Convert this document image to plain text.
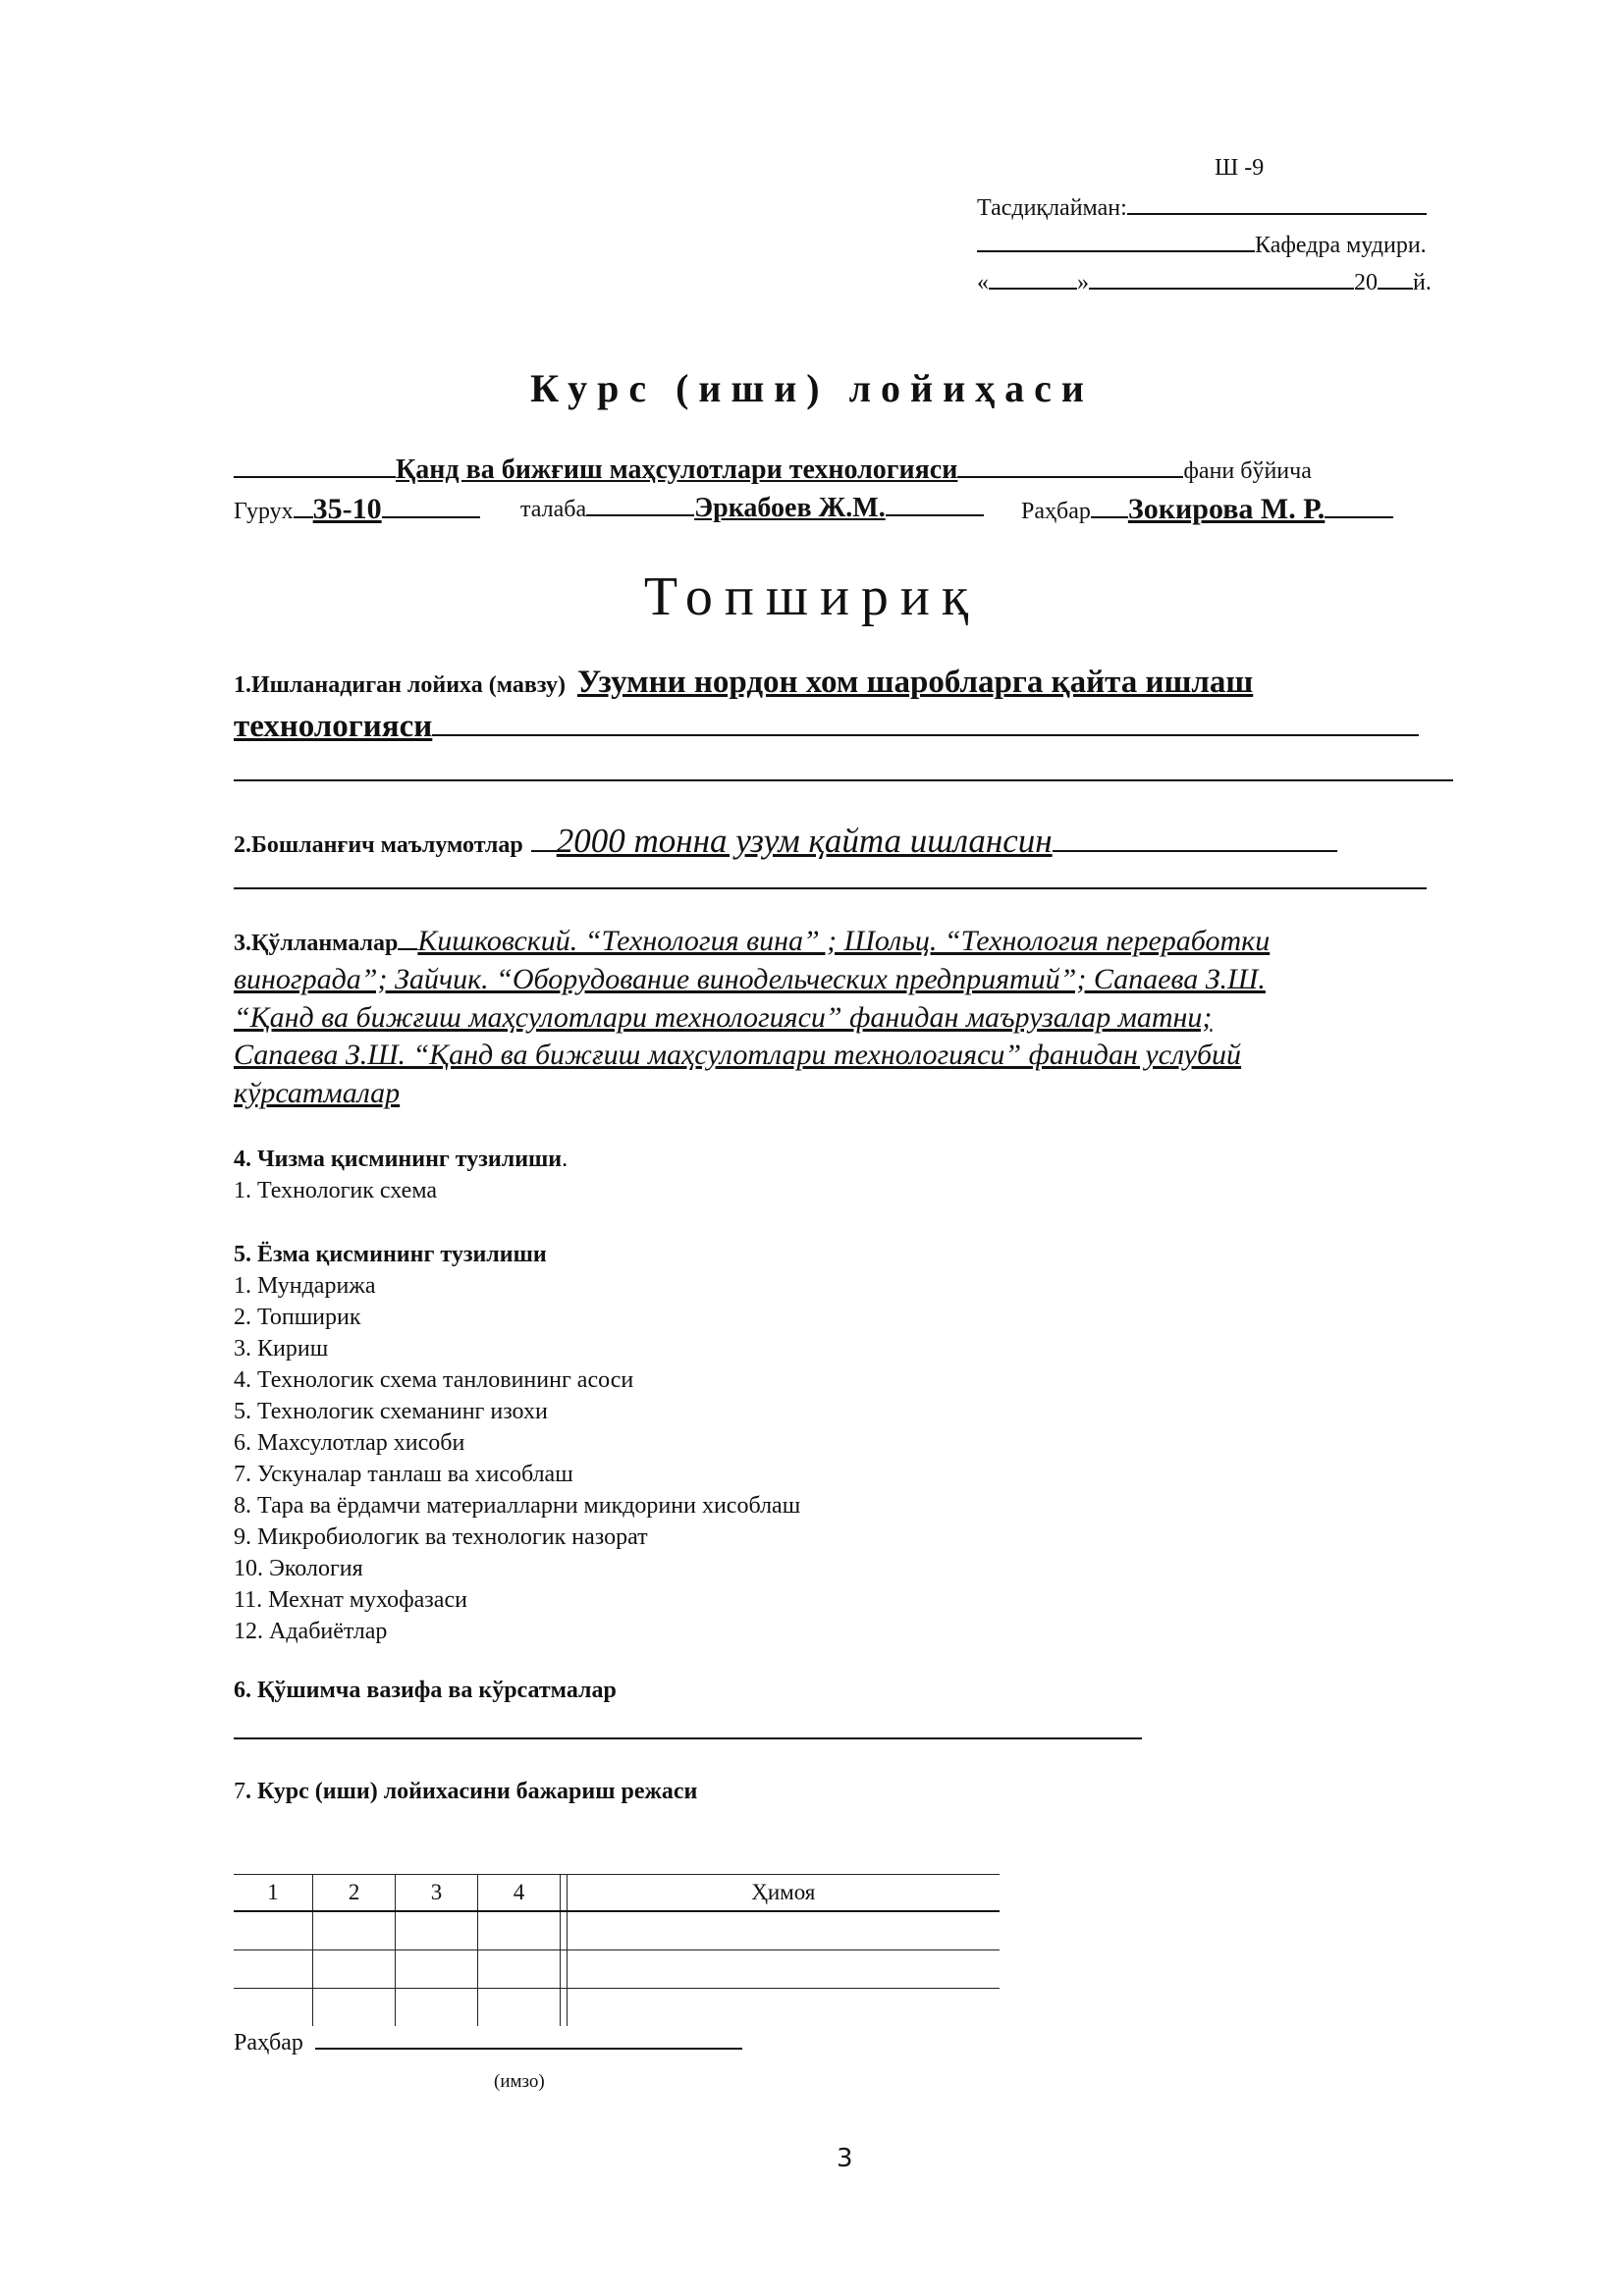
Ш -9
Тасдиқлайман:
Кафедра мудири.
«	»	20 й.
Курс (иши) лойиҳаси
Қанд ва бижғиш маҳсулотлари технологияси	фани бўйича
Гурух 35-10	талаба	Эркабоев Ж.М.	Раҳбар Зокирова М. Р.
Топшириқ
1.Ишланадиган лойиха (мавзу) Узумни нордон хом шаробларга қайта ишлаш
технологияси
2.Бошланғич маълумотлар 2000 тонна узум қайта ишлансин
3.Қўлланмалар Кишковский. “Технология вина” ; Шольц. “Технология переработки
винограда”; Зайчик. “Оборудование винодельческих предприятий”; Сапаева З.Ш.
“Қанд ва бижғиш маҳсулотлари технологияси” фанидан маърузалар матни;
Сапаева З.Ш. “Қанд ва бижғиш маҳсулотлари технологияси” фанидан услубий
кўрсатмалар
4. Чизма қисмининг тузилиши.
1. Технологик схема
5. Ёзма қисмининг тузилиши
1. Мундарижа
2. Топширик
3. Кириш
4. Технологик схема танловининг асоси
5. Технологик схеманинг изохи
6. Махсулотлар хисоби
7. Ускуналар танлаш ва хисоблаш
8. Тара ва ёрдамчи материалларни микдорини хисоблаш
9. Микробиологик ва технологик назорат
10. Экология
11. Мехнат мухофазаси
12. Адабиётлар
6. Қўшимча вазифа ва кўрсатмалар
7. Курс (иши) лойихасини бажариш режаси
1	2	3	4		Ҳимоя

Раҳбар
(имзо)
3
